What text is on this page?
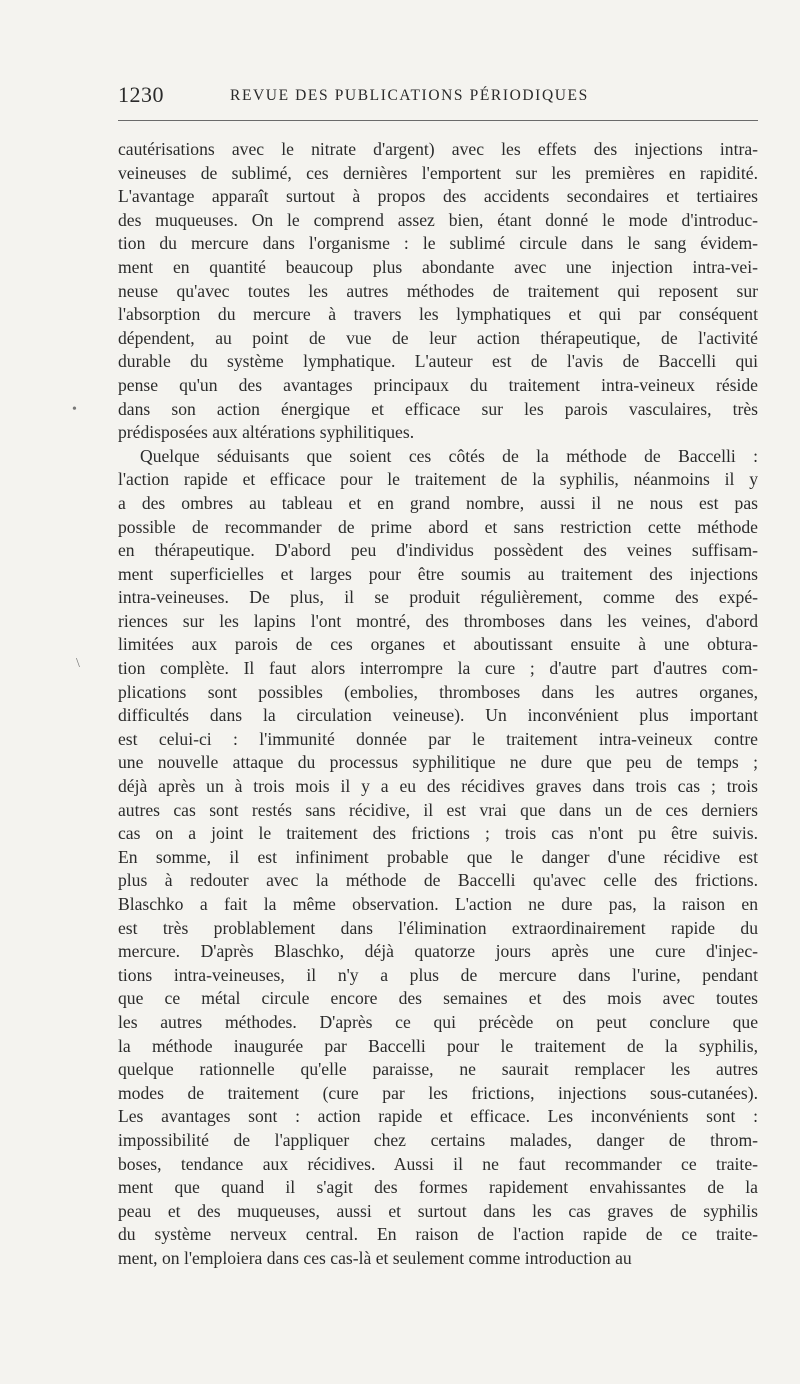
1230	REVUE DES PUBLICATIONS PÉRIODIQUES
cautérisations avec le nitrate d'argent) avec les effets des injections intra-
veineuses de sublimé, ces dernières l'emportent sur les premières en rapidité.
L'avantage apparaît surtout à propos des accidents secondaires et tertiaires
des muqueuses. On le comprend assez bien, étant donné le mode d'introduc-
tion du mercure dans l'organisme : le sublimé circule dans le sang évidem-
ment en quantité beaucoup plus abondante avec une injection intra-vei-
neuse qu'avec toutes les autres méthodes de traitement qui reposent sur
l'absorption du mercure à travers les lymphatiques et qui par conséquent
dépendent, au point de vue de leur action thérapeutique, de l'activité
durable du système lymphatique. L'auteur est de l'avis de Baccelli qui
pense qu'un des avantages principaux du traitement intra-veineux réside
dans son action énergique et efficace sur les parois vasculaires, très
prédisposées aux altérations syphilitiques.
Quelque séduisants que soient ces côtés de la méthode de Baccelli :
l'action rapide et efficace pour le traitement de la syphilis, néanmoins il y
a des ombres au tableau et en grand nombre, aussi il ne nous est pas
possible de recommander de prime abord et sans restriction cette méthode
en thérapeutique. D'abord peu d'individus possèdent des veines suffisam-
ment superficielles et larges pour être soumis au traitement des injections
intra-veineuses. De plus, il se produit régulièrement, comme des expé-
riences sur les lapins l'ont montré, des thromboses dans les veines, d'abord
limitées aux parois de ces organes et aboutissant ensuite à une obtura-
tion complète. Il faut alors interrompre la cure ; d'autre part d'autres com-
plications sont possibles (embolies, thromboses dans les autres organes,
difficultés dans la circulation veineuse). Un inconvénient plus important
est celui-ci : l'immunité donnée par le traitement intra-veineux contre
une nouvelle attaque du processus syphilitique ne dure que peu de temps ;
déjà après un à trois mois il y a eu des récidives graves dans trois cas ; trois
autres cas sont restés sans récidive, il est vrai que dans un de ces derniers
cas on a joint le traitement des frictions ; trois cas n'ont pu être suivis.
En somme, il est infiniment probable que le danger d'une récidive est
plus à redouter avec la méthode de Baccelli qu'avec celle des frictions.
Blaschko a fait la même observation. L'action ne dure pas, la raison en
est très problablement dans l'élimination extraordinairement rapide du
mercure. D'après Blaschko, déjà quatorze jours après une cure d'injec-
tions intra-veineuses, il n'y a plus de mercure dans l'urine, pendant
que ce métal circule encore des semaines et des mois avec toutes
les autres méthodes. D'après ce qui précède on peut conclure que
la méthode inaugurée par Baccelli pour le traitement de la syphilis,
quelque rationnelle qu'elle paraisse, ne saurait remplacer les autres
modes de traitement (cure par les frictions, injections sous-cutanées).
Les avantages sont : action rapide et efficace. Les inconvénients sont :
impossibilité de l'appliquer chez certains malades, danger de throm-
boses, tendance aux récidives. Aussi il ne faut recommander ce traite-
ment que quand il s'agit des formes rapidement envahissantes de la
peau et des muqueuses, aussi et surtout dans les cas graves de syphilis
du système nerveux central. En raison de l'action rapide de ce traite-
ment, on l'emploiera dans ces cas-là et seulement comme introduction au
•
\
